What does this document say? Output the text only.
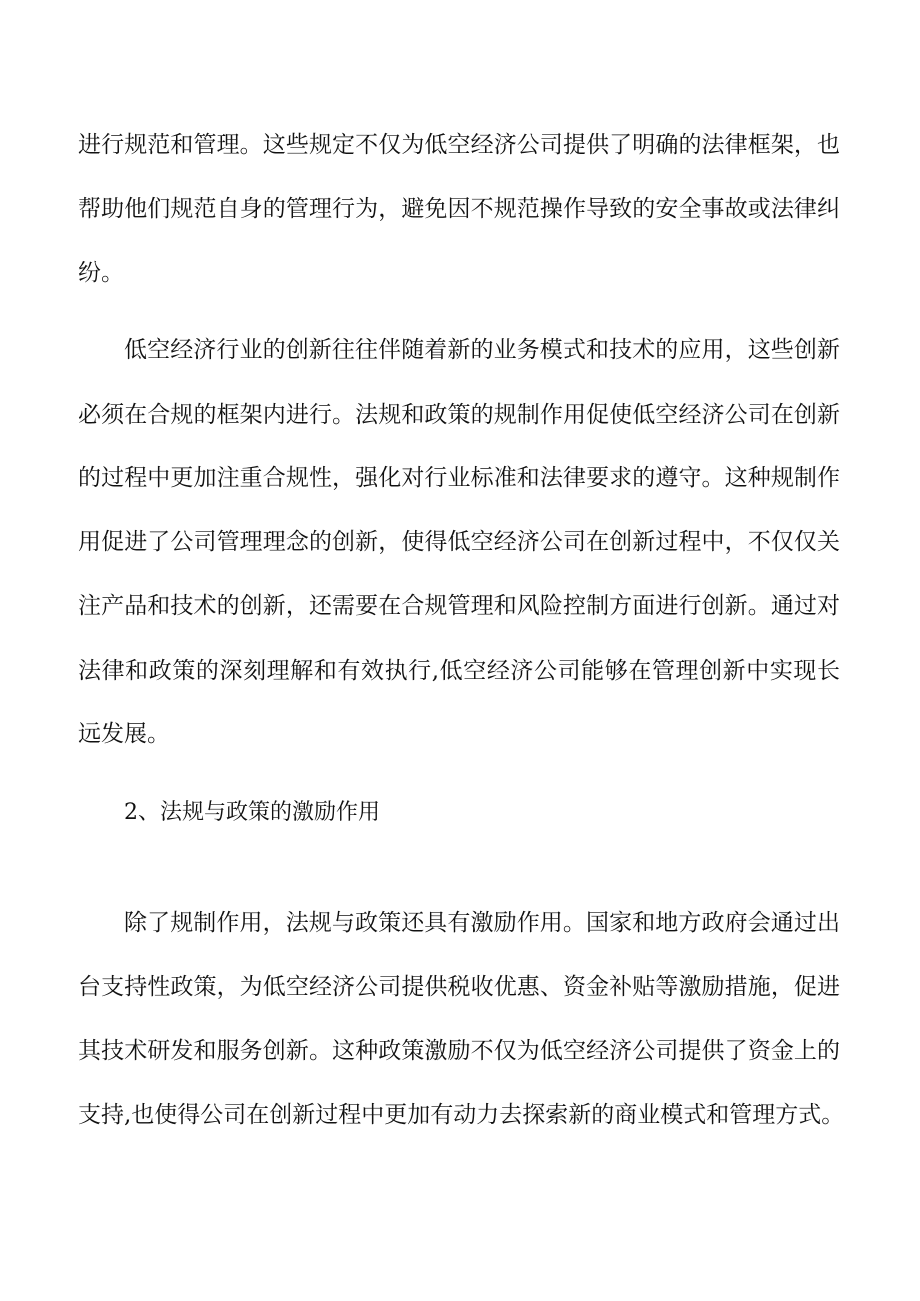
进行规范和管理。这些规定不仅为低空经济公司提供了明确的法律框架，也

帮助他们规范自身的管理行为，避免因不规范操作导致的安全事故或法律纠

纷。

低空经济行业的创新往往伴随着新的业务模式和技术的应用，这些创新

必须在合规的框架内进行。法规和政策的规制作用促使低空经济公司在创新

的过程中更加注重合规性，强化对行业标准和法律要求的遵守。这种规制作

用促进了公司管理理念的创新，使得低空经济公司在创新过程中，不仅仅关

注产品和技术的创新，还需要在合规管理和风险控制方面进行创新。通过对

法律和政策的深刻理解和有效执行,低空经济公司能够在管理创新中实现长

远发展。

2、法规与政策的激励作用

除了规制作用，法规与政策还具有激励作用。国家和地方政府会通过出

台支持性政策，为低空经济公司提供税收优惠、资金补贴等激励措施，促进

其技术研发和服务创新。这种政策激励不仅为低空经济公司提供了资金上的

支持,也使得公司在创新过程中更加有动力去探索新的商业模式和管理方式。
